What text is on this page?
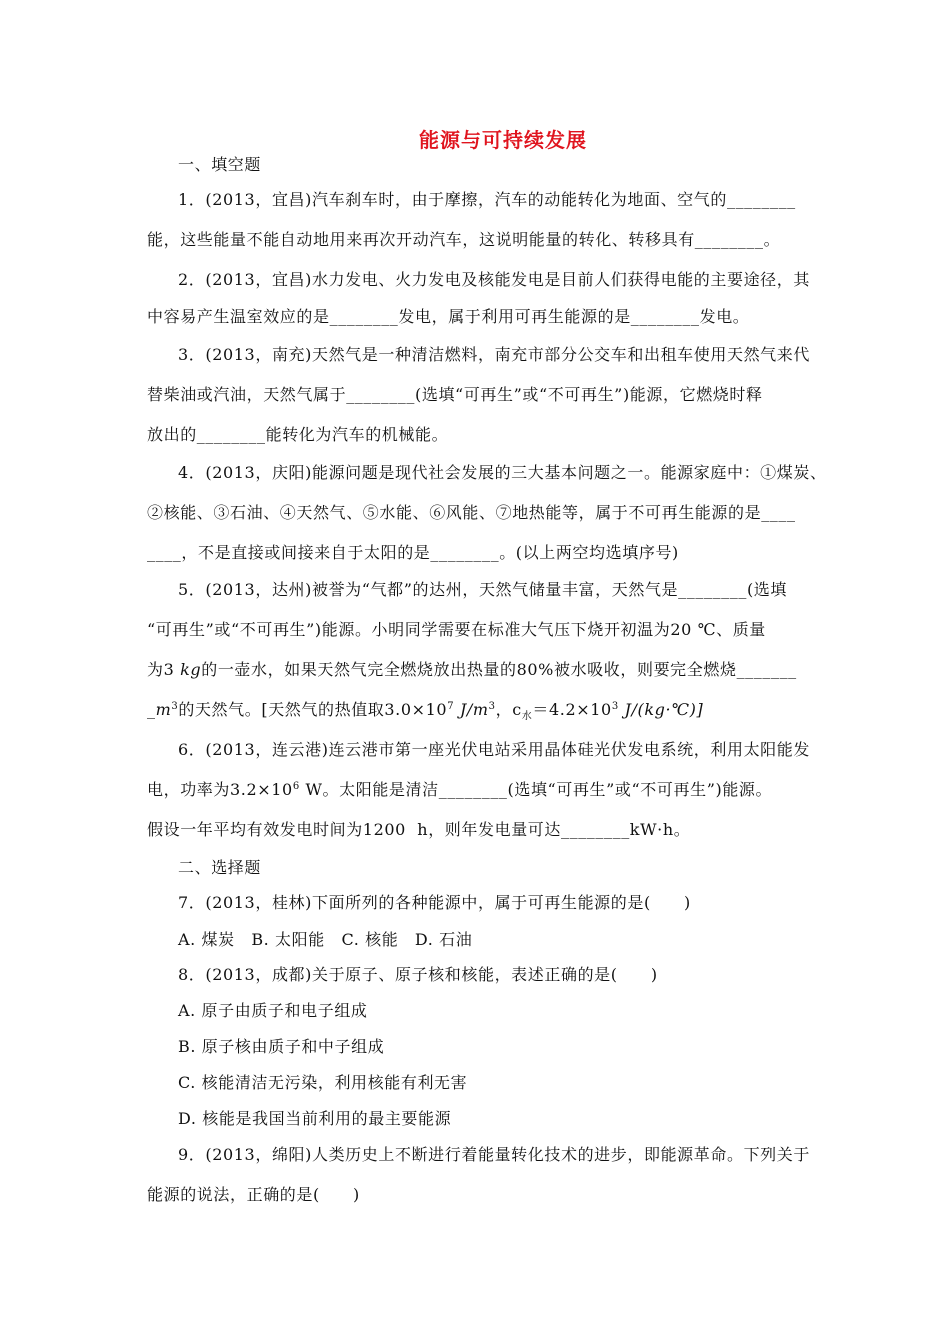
能源与可持续发展
一、填空题
1．(2013，宜昌)汽车刹车时，由于摩擦，汽车的动能转化为地面、空气的________
能，这些能量不能自动地用来再次开动汽车，这说明能量的转化、转移具有________。
2．(2013，宜昌)水力发电、火力发电及核能发电是目前人们获得电能的主要途径，其
中容易产生温室效应的是________发电，属于利用可再生能源的是________发电。
3．(2013，南充)天然气是一种清洁燃料，南充市部分公交车和出租车使用天然气来代
替柴油或汽油，天然气属于________(选填“可再生”或“不可再生”)能源，它燃烧时释
放出的________能转化为汽车的机械能。
4．(2013，庆阳)能源问题是现代社会发展的三大基本问题之一。能源家庭中：①煤炭、
②核能、③石油、④天然气、⑤水能、⑥风能、⑦地热能等，属于不可再生能源的是____
____，不是直接或间接来自于太阳的是________。(以上两空均选填序号)
5．(2013，达州)被誉为“气都”的达州，天然气储量丰富，天然气是________(选填
“可再生”或“不可再生”)能源。小明同学需要在标准大气压下烧开初温为20 ℃、质量
为3 kg的一壶水，如果天然气完全燃烧放出热量的80%被水吸收，则要完全燃烧_______
$\_m^3$的天然气。[天然气的热值取$3.0\times 10^7$ $J/m^3$，$c_水=4.2\times 10^3$ J/(kg·℃)]
6．(2013，连云港)连云港市第一座光伏电站采用晶体硅光伏发电系统，利用太阳能发
电，功率为$3.2\times 10^6$ W。太阳能是清洁________(选填“可再生”或“不可再生”)能源。
假设一年平均有效发电时间为1200  h，则年发电量可达________kW·h。
二、选择题
7．(2013，桂林)下面所列的各种能源中，属于可再生能源的是(　　)
A. 煤炭　B. 太阳能　C. 核能　D. 石油
8．(2013，成都)关于原子、原子核和核能，表述正确的是(　　)
A. 原子由质子和电子组成
B. 原子核由质子和中子组成
C. 核能清洁无污染，利用核能有利无害
D. 核能是我国当前利用的最主要能源
9．(2013，绵阳)人类历史上不断进行着能量转化技术的进步，即能源革命。下列关于
能源的说法，正确的是(　　)
